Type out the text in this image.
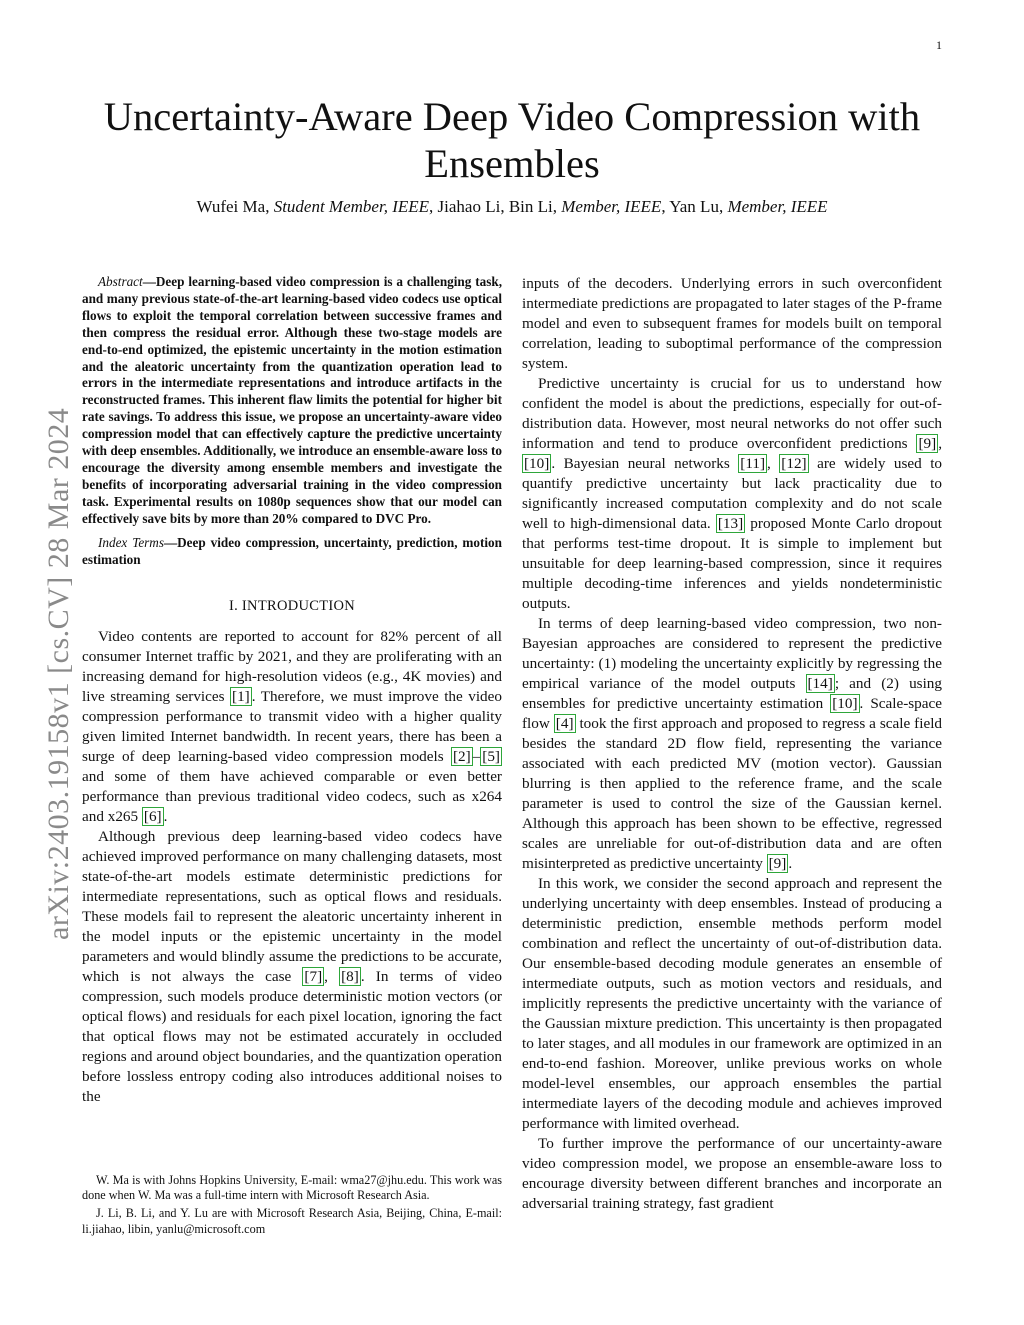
1
arXiv:2403.19158v1 [cs.CV] 28 Mar 2024
Uncertainty-Aware Deep Video Compression with Ensembles

Wufei Ma, Student Member, IEEE, Jiahao Li, Bin Li, Member, IEEE, Yan Lu, Member, IEEE

Abstract—Deep learning-based video compression is a challenging task, and many previous state-of-the-art learning-based video codecs use optical flows to exploit the temporal correlation between successive frames and then compress the residual error. Although these two-stage models are end-to-end optimized, the epistemic uncertainty in the motion estimation and the aleatoric uncertainty from the quantization operation lead to errors in the intermediate representations and introduce artifacts in the reconstructed frames. This inherent flaw limits the potential for higher bit rate savings. To address this issue, we propose an uncertainty-aware video compression model that can effectively capture the predictive uncertainty with deep ensembles. Additionally, we introduce an ensemble-aware loss to encourage the diversity among ensemble members and investigate the benefits of incorporating adversarial training in the video compression task. Experimental results on 1080p sequences show that our model can effectively save bits by more than 20% compared to DVC Pro.

Index Terms—Deep video compression, uncertainty, prediction, motion estimation

I. INTRODUCTION

Video contents are reported to account for 82% percent of all consumer Internet traffic by 2021, and they are proliferating with an increasing demand for high-resolution videos (e.g., 4K movies) and live streaming services [1] . Therefore, we must improve the video compression performance to transmit video with a higher quality given limited Internet bandwidth. In recent years, there has been a surge of deep learning-based video compression models [2] – [5] and some of them have achieved comparable or even better performance than previous traditional video codecs, such as x264 and x265 [6] .

Although previous deep learning-based video codecs have achieved improved performance on many challenging datasets, most state-of-the-art models estimate deterministic predictions for intermediate representations, such as optical flows and residuals. These models fail to represent the aleatoric uncertainty inherent in the model inputs or the epistemic uncertainty in the model parameters and would blindly assume the predictions to be accurate, which is not always the case [7] , [8] . In terms of video compression, such models produce deterministic motion vectors (or optical flows) and residuals for each pixel location, ignoring the fact that optical flows may not be estimated accurately in occluded regions and around object boundaries, and the quantization operation before lossless entropy coding also introduces additional noises to the

inputs of the decoders. Underlying errors in such overconfident intermediate predictions are propagated to later stages of the P-frame model and even to subsequent frames for models built on temporal correlation, leading to suboptimal performance of the compression system.

Predictive uncertainty is crucial for us to understand how confident the model is about the predictions, especially for out-of-distribution data. However, most neural networks do not offer such information and tend to produce overconfident predictions [9] , [10] . Bayesian neural networks [11] , [12] are widely used to quantify predictive uncertainty but lack practicality due to significantly increased computation complexity and do not scale well to high-dimensional data. [13] proposed Monte Carlo dropout that performs test-time dropout. It is simple to implement but unsuitable for deep learning-based compression, since it requires multiple decoding-time inferences and yields nondeterministic outputs.

In terms of deep learning-based video compression, two non-Bayesian approaches are considered to represent the predictive uncertainty: (1) modeling the uncertainty explicitly by regressing the empirical variance of the model outputs [14] ; and (2) using ensembles for predictive uncertainty estimation [10] . Scale-space flow [4] took the first approach and proposed to regress a scale field besides the standard 2D flow field, representing the variance associated with each predicted MV (motion vector). Gaussian blurring is then applied to the reference frame, and the scale parameter is used to control the size of the Gaussian kernel. Although this approach has been shown to be effective, regressed scales are unreliable for out-of-distribution data and are often misinterpreted as predictive uncertainty [9] .

In this work, we consider the second approach and represent the underlying uncertainty with deep ensembles. Instead of producing a deterministic prediction, ensemble methods perform model combination and reflect the uncertainty of out-of-distribution data. Our ensemble-based decoding module generates an ensemble of intermediate outputs, such as motion vectors and residuals, and implicitly represents the predictive uncertainty with the variance of the Gaussian mixture prediction. This uncertainty is then propagated to later stages, and all modules in our framework are optimized in an end-to-end fashion. Moreover, unlike previous works on whole model-level ensembles, our approach ensembles the partial intermediate layers of the decoding module and achieves improved performance with limited overhead.

To further improve the performance of our uncertainty-aware video compression model, we propose an ensemble-aware loss to encourage diversity between different branches and incorporate an adversarial training strategy, fast gradient

W. Ma is with Johns Hopkins University, E-mail: wma27@jhu.edu. This work was done when W. Ma was a full-time intern with Microsoft Research Asia.

J. Li, B. Li, and Y. Lu are with Microsoft Research Asia, Beijing, China, E-mail: li.jiahao, libin, yanlu@microsoft.com
